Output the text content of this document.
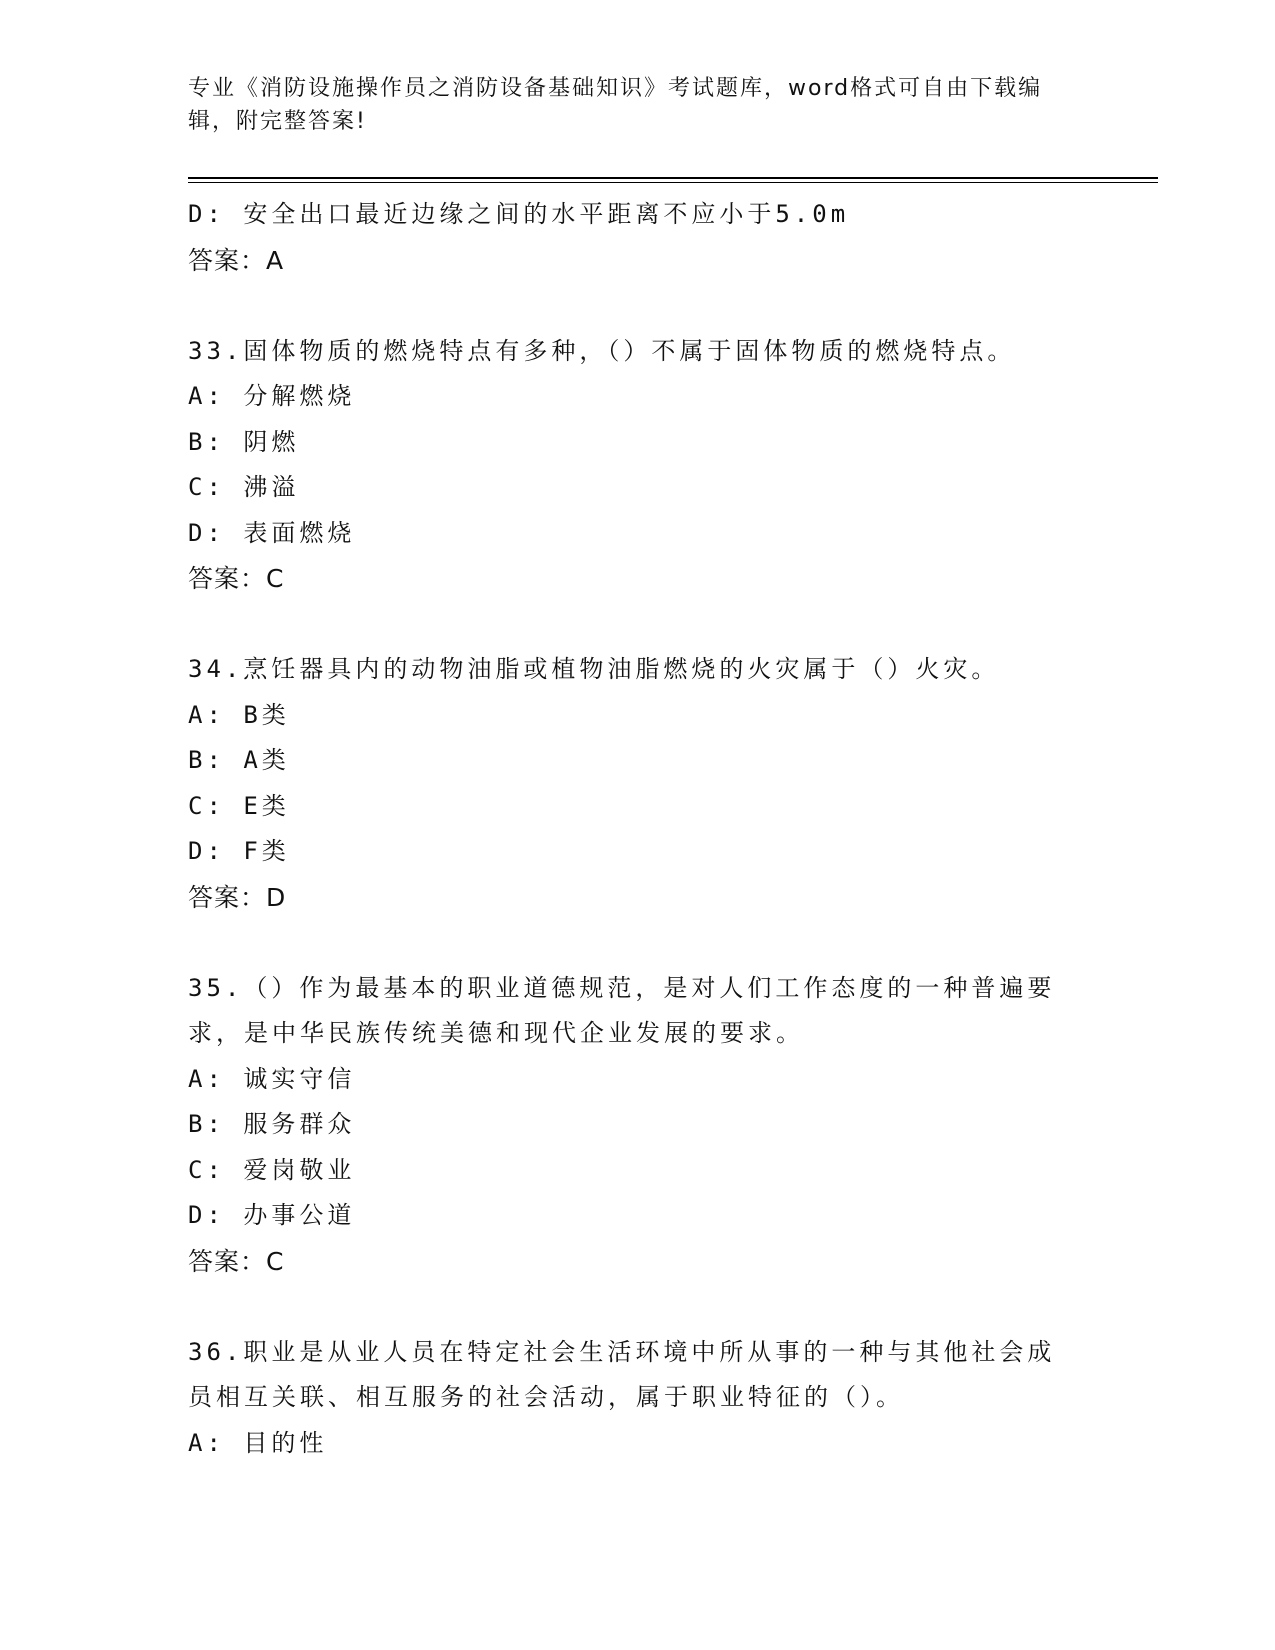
专业《消防设施操作员之消防设备基础知识》考试题库，word格式可自由下载编辑，附完整答案!
D: 安全出口最近边缘之间的水平距离不应小于5.0m
答案：A
33.固体物质的燃烧特点有多种，（）不属于固体物质的燃烧特点。
A: 分解燃烧
B: 阴燃
C: 沸溢
D: 表面燃烧
答案：C
34.烹饪器具内的动物油脂或植物油脂燃烧的火灾属于（）火灾。
A: B类
B: A类
C: E类
D: F类
答案：D
35.（）作为最基本的职业道德规范，是对人们工作态度的一种普遍要
求，是中华民族传统美德和现代企业发展的要求。
A: 诚实守信
B: 服务群众
C: 爱岗敬业
D: 办事公道
答案：C
36.职业是从业人员在特定社会生活环境中所从事的一种与其他社会成
员相互关联、相互服务的社会活动，属于职业特征的（）。
A: 目的性
